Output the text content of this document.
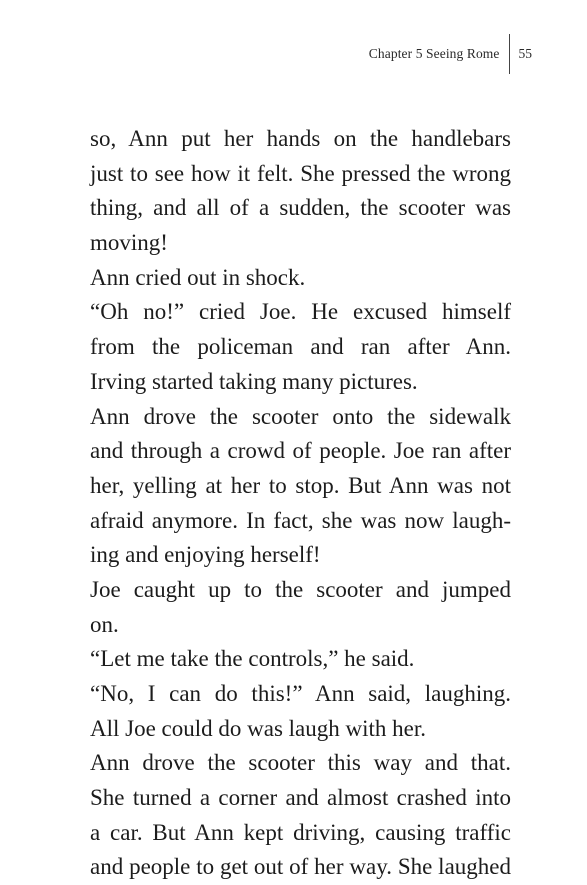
Chapter 5 Seeing Rome	55
so, Ann put her hands on the handlebars
just to see how it felt. She pressed the wrong
thing, and all of a sudden, the scooter was
moving!
Ann cried out in shock.
“Oh no!” cried Joe. He excused himself
from the policeman and ran after Ann.
Irving started taking many pictures.
Ann drove the scooter onto the sidewalk
and through a crowd of people. Joe ran after
her, yelling at her to stop. But Ann was not
afraid anymore. In fact, she was now laugh-
ing and enjoying herself!
Joe caught up to the scooter and jumped
on.
“Let me take the controls,” he said.
“No, I can do this!” Ann said, laughing.
All Joe could do was laugh with her.
Ann drove the scooter this way and that.
She turned a corner and almost crashed into
a car. But Ann kept driving, causing traffic
and people to get out of her way. She laughed
